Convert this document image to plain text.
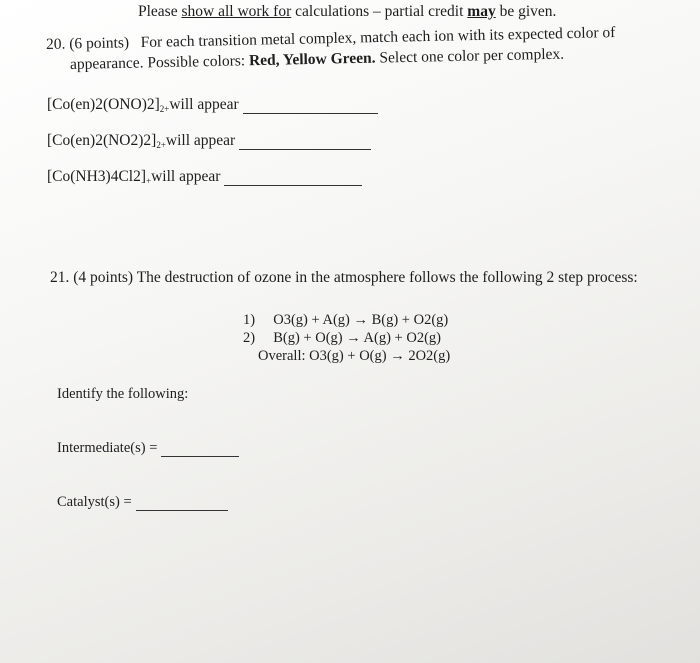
Please show all work for calculations – partial credit may be given.
20. (6 points) For each transition metal complex, match each ion with its expected color of
appearance. Possible colors: Red, Yellow Green. Select one color per complex.
[Co(en)2(ONO)2] 2+ will appear
[Co(en)2(NO2)2] 2+ will appear
[Co(NH3)4Cl2] + will appear
21. (4 points) The destruction of ozone in the atmosphere follows the following 2 step process:
1) O3(g) + A(g) → B(g) + O2(g)
2) B(g) + O(g) → A(g) + O2(g)
Overall: O3(g) + O(g) → 2O2(g)
Identify the following:
Intermediate(s) =
Catalyst(s) =
